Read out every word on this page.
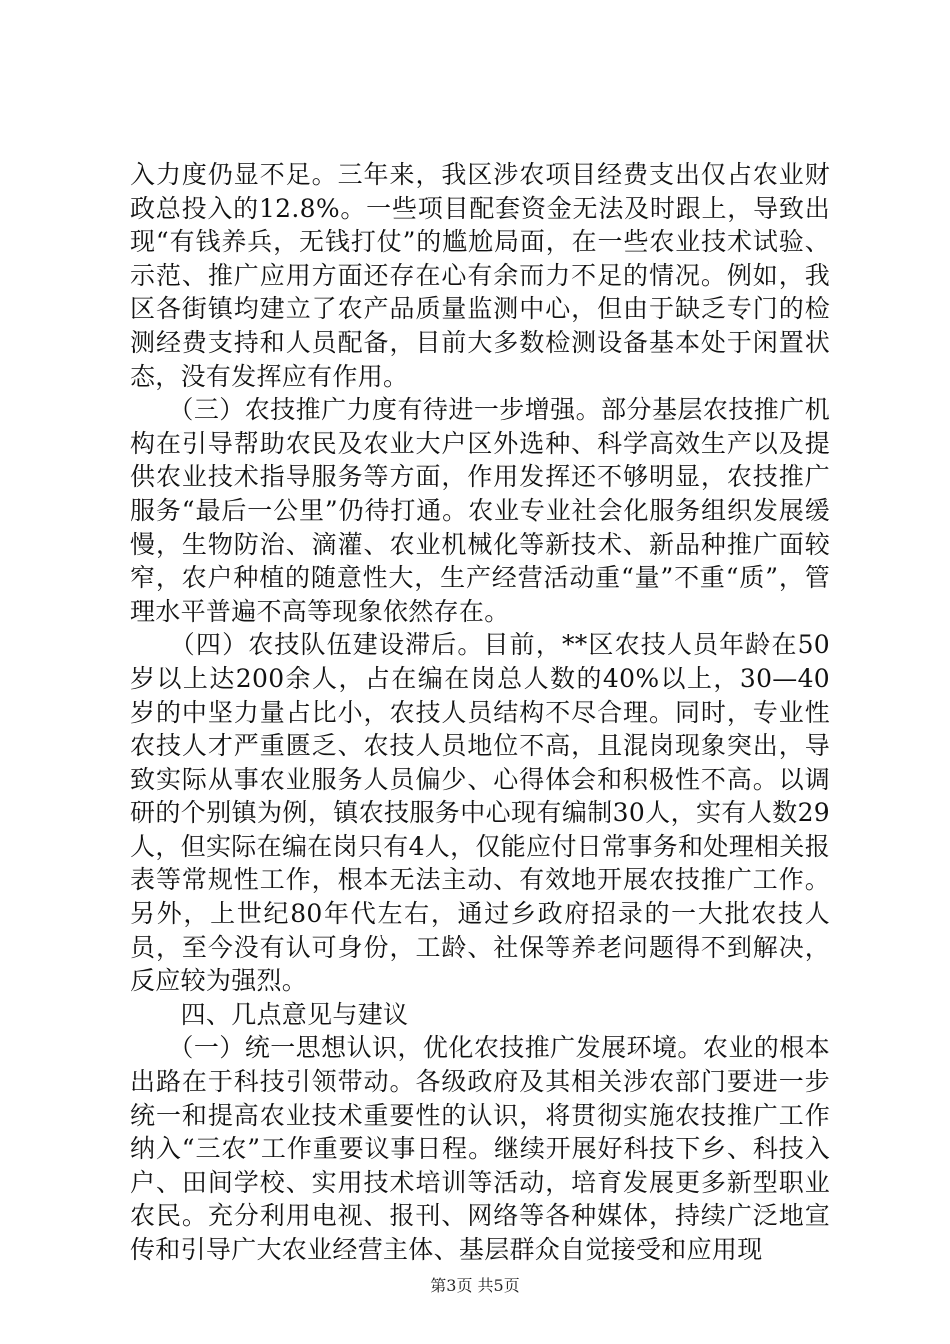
入力度仍显不足。三年来，我区涉农项目经费支出仅占农业财政总投入的12.8%。一些项目配套资金无法及时跟上，导致出现“有钱养兵，无钱打仗”的尴尬局面，在一些农业技术试验、示范、推广应用方面还存在心有余而力不足的情况。例如，我区各街镇均建立了农产品质量监测中心，但由于缺乏专门的检测经费支持和人员配备，目前大多数检测设备基本处于闲置状态，没有发挥应有作用。

　　（三）农技推广力度有待进一步增强。部分基层农技推广机构在引导帮助农民及农业大户区外选种、科学高效生产以及提供农业技术指导服务等方面，作用发挥还不够明显，农技推广服务“最后一公里”仍待打通。农业专业社会化服务组织发展缓慢，生物防治、滴灌、农业机械化等新技术、新品种推广面较窄，农户种植的随意性大，生产经营活动重“量”不重“质”，管理水平普遍不高等现象依然存在。

　　（四）农技队伍建设滞后。目前，**区农技人员年龄在50岁以上达200余人，占在编在岗总人数的40%以上，30—40岁的中坚力量占比小，农技人员结构不尽合理。同时，专业性农技人才严重匮乏、农技人员地位不高，且混岗现象突出，导致实际从事农业服务人员偏少、心得体会和积极性不高。以调研的个别镇为例，镇农技服务中心现有编制30人，实有人数29人，但实际在编在岗只有4人，仅能应付日常事务和处理相关报表等常规性工作，根本无法主动、有效地开展农技推广工作。另外，上世纪80年代左右，通过乡政府招录的一大批农技人员，至今没有认可身份，工龄、社保等养老问题得不到解决，反应较为强烈。

　　四、几点意见与建议

　　（一）统一思想认识，优化农技推广发展环境。农业的根本出路在于科技引领带动。各级政府及其相关涉农部门要进一步统一和提高农业技术重要性的认识，将贯彻实施农技推广工作纳入“三农”工作重要议事日程。继续开展好科技下乡、科技入户、田间学校、实用技术培训等活动，培育发展更多新型职业农民。充分利用电视、报刊、网络等各种媒体，持续广泛地宣传和引导广大农业经营主体、基层群众自觉接受和应用现

第3页 共5页
